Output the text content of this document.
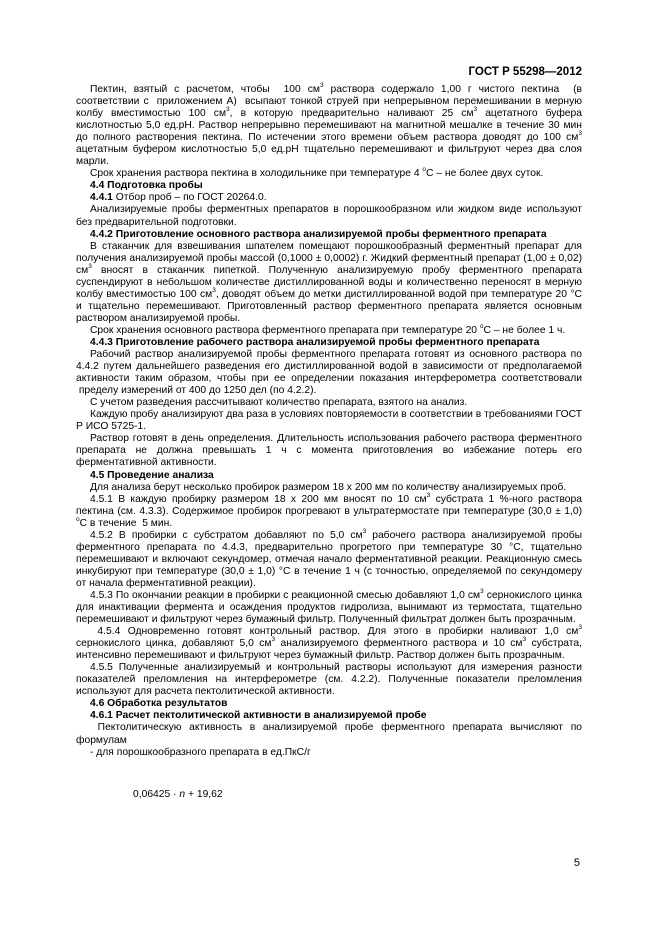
ГОСТ Р 55298—2012

Пектин, взятый с расчетом, чтобы  100 $см^3$ раствора содержало 1,00 г чистого пектина  (в соответствии с  приложением А)  всыпают тонкой струей при непрерывном перемешивании в мерную колбу вместимостью 100 $см^3$, в которую предварительно наливают 25 $см^3$ ацетатного буфера кислотностью 5,0 ед.рН. Раствор непрерывно перемешивают на магнитной мешалке в течение 30 мин до полного растворения пектина. По истечении этого времени объем раствора доводят до 100 $см^3$ ацетатным буфером кислотностью 5,0 ед.рН тщательно перемешивают и фильтруют через два слоя марли.

Срок хранения раствора пектина в холодильнике при температуре 4 $^о$С – не более двух суток.

4.4 Подготовка пробы

4.4.1 Отбор проб – по ГОСТ 20264.0.

Анализируемые пробы ферментных препаратов в порошкообразном или жидком виде используют без предварительной подготовки.

4.4.2 Приготовление основного раствора анализируемой пробы ферментного препарата

В стаканчик для взвешивания шпателем помещают порошкообразный ферментный препарат для получения анализируемой пробы массой (0,1000 ± 0,0002) г. Жидкий ферментный препарат (1,00 ± 0,02) $см^3$ вносят в стаканчик пипеткой. Полученную анализируемую пробу ферментного препарата суспендируют в небольшом количестве дистиллированной воды и количественно переносят в мерную колбу вместимостью 100 $см^3$, доводят объем до метки дистиллированной водой при температуре 20 °С и тщательно перемешивают. Приготовленный раствор ферментного препарата является основным раствором анализируемой пробы.

Срок хранения основного раствора ферментного препарата при температуре 20 $^о$С – не более 1 ч.

4.4.3 Приготовление рабочего раствора анализируемой пробы ферментного препарата

Рабочий раствор анализируемой пробы ферментного препарата готовят из основного раствора по 4.4.2 путем дальнейшего разведения его дистиллированной водой в зависимости от предполагаемой активности таким образом, чтобы при ее определении показания интерферометра соответствовали  пределу измерений от 400 до 1250 дел (по 4.2.2).

С учетом разведения рассчитывают количество препарата, взятого на анализ.

Каждую пробу анализируют два раза в условиях повторяемости в соответствии в требованиями ГОСТ Р ИСО 5725-1.

Раствор готовят в день определения. Длительность использования рабочего раствора ферментного препарата не должна превышать 1 ч с момента приготовления во избежание потерь его ферментативной активности.

4.5 Проведение анализа

Для анализа берут несколько пробирок размером 18 х 200 мм по количеству анализируемых проб.

4.5.1 В каждую пробирку размером 18 х 200 мм вносят по 10 $см^3$ субстрата 1 %-ного раствора пектина (см. 4.3.3). Содержимое пробирок прогревают в ультратермостате при температуре (30,0 ± 1,0) $^о$С в течение  5 мин.

4.5.2 В пробирки с субстратом добавляют по 5,0 $см^3$ рабочего раствора анализируемой пробы ферментного препарата по 4.4.3, предварительно прогретого при температуре 30 °С, тщательно перемешивают и включают секундомер, отмечая начало ферментативной реакции. Реакционную смесь инкубируют при температуре (30,0 ± 1,0) °С в течение 1 ч (с точностью, определяемой по секундомеру от начала ферментативной реакции).

4.5.3 По окончании реакции в пробирки с реакционной смесью добавляют 1,0 $см^3$ сернокислого цинка для инактивации фермента и осаждения продуктов гидролиза, вынимают из термостата, тщательно перемешивают и фильтруют через бумажный фильтр. Полученный фильтрат должен быть прозрачным.

4.5.4 Одновременно готовят контрольный раствор. Для этого в пробирки наливают 1,0 $см^3$ сернокислого цинка, добавляют 5,0 $см^3$ анализируемого ферментного раствора и 10 $см^3$ субстрата, интенсивно перемешивают и фильтруют через бумажный фильтр. Раствор должен быть прозрачным.

4.5.5 Полученные анализируемый и контрольный растворы используют для измерения разности показателей преломления на интерферометре (см. 4.2.2). Полученные показатели преломления используют для расчета пектолитической активности.

4.6 Обработка результатов

4.6.1 Расчет пектолитической активности в анализируемой пробе

Пектолитическую активность в анализируемой пробе ферментного препарата вычисляют по формулам

- для порошкообразного препарата в ед.ПкС/г

0,06425 · n + 19,62

5
